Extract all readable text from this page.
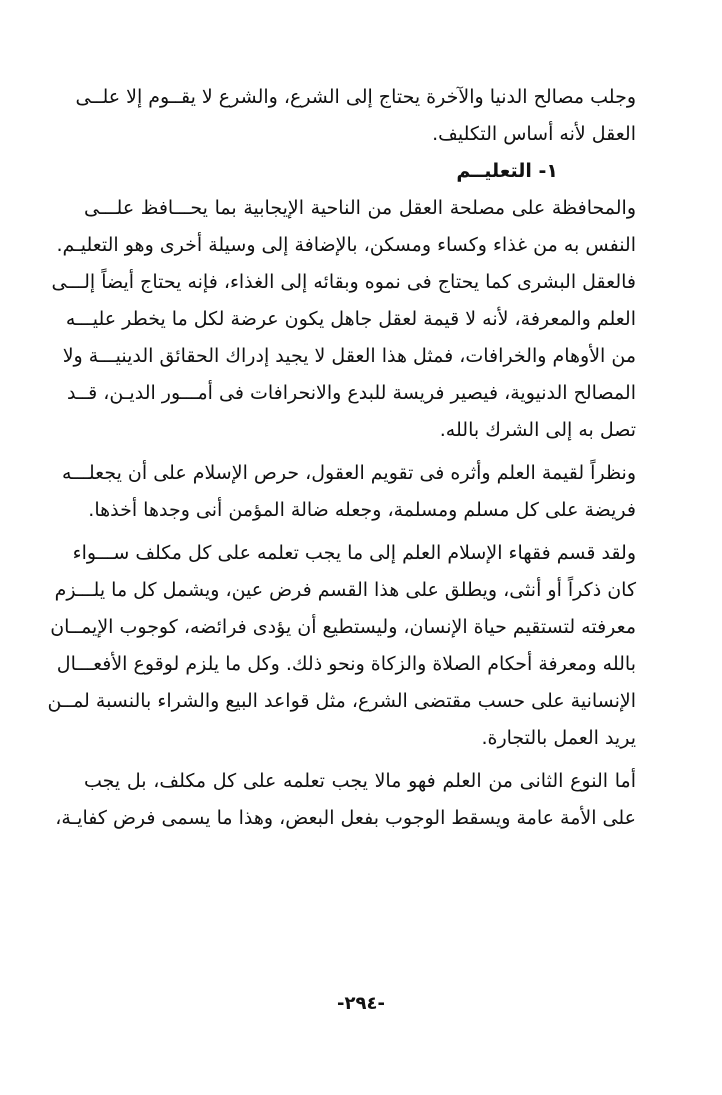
وجلب مصالح الدنيا والآخرة يحتاج إلى الشرع، والشرع لا يقــوم إلا علــى
العقل لأنه أساس التكليف.
١- التعليــم
والمحافظة على مصلحة العقل من الناحية الإيجابية بما يحـــافظ علـــى
النفس به من غذاء وكساء ومسكن، بالإضافة إلى وسيلة أخرى وهو التعليـم.
فالعقل البشرى كما يحتاج فى نموه وبقائه إلى الغذاء، فإنه يحتاج أيضاً إلـــى
العلم والمعرفة، لأنه لا قيمة لعقل جاهل يكون عرضة لكل ما يخطر عليـــه
من الأوهام والخرافات، فمثل هذا العقل لا يجيد إدراك الحقائق الدينيـــة ولا
المصالح الدنيوية، فيصير فريسة للبدع والانحرافات فى أمـــور الديـن، قــد
تصل به إلى الشرك بالله.
ونظراً لقيمة العلم وأثره فى تقويم العقول، حرص الإسلام على أن يجعلـــه
فريضة على كل مسلم ومسلمة، وجعله ضالة المؤمن أنى وجدها أخذها.
ولقد قسم فقهاء الإسلام العلم إلى ما يجب تعلمه على كل مكلف ســـواء
كان ذكراً أو أنثى، ويطلق على هذا القسم فرض عين، ويشمل كل ما يلـــزم
معرفته لتستقيم حياة الإنسان، وليستطيع أن يؤدى فرائضه، كوجوب الإيمــان
بالله ومعرفة أحكام الصلاة والزكاة ونحو ذلك. وكل ما يلزم لوقوع الأفعـــال
الإنسانية على حسب مقتضى الشرع، مثل قواعد البيع والشراء بالنسبة لمــن
يريد العمل بالتجارة.
أما النوع الثانى من العلم فهو مالا يجب تعلمه على كل مكلف، بل يجب
على الأمة عامة ويسقط الوجوب بفعل البعض، وهذا ما يسمى فرض كفايـة،
-٢٩٤-
